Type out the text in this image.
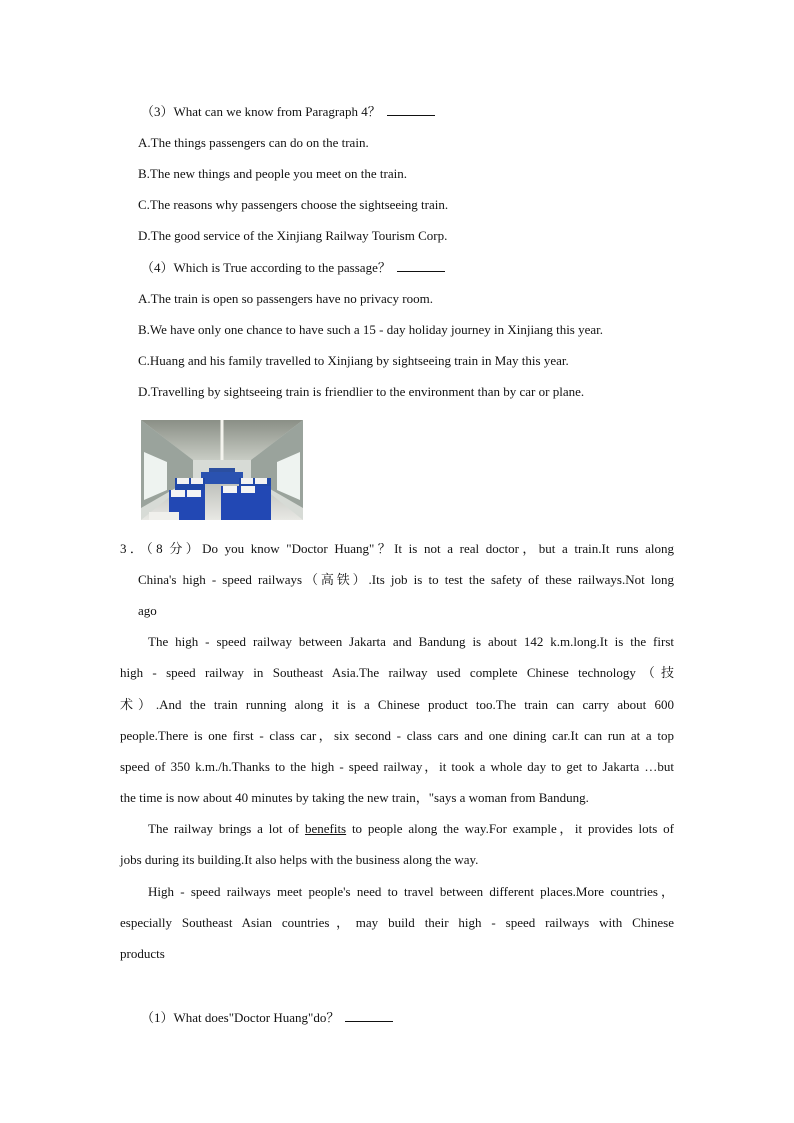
（3）What can we know from Paragraph 4？
A.The things passengers can do on the train.
B.The new things and people you meet on the train.
C.The reasons why passengers choose the sightseeing train.
D.The good service of the Xinjiang Railway Tourism Corp.
（4）Which is True according to the passage？
A.The train is open so passengers have no privacy room.
B.We have only one chance to have such a 15 - day holiday journey in Xinjiang this year.
C.Huang and his family travelled to Xinjiang by sightseeing train in May this year.
D.Travelling by sightseeing train is friendlier to the environment than by car or plane.
3．（8 分）Do you know "Doctor Huang"？It is not a real doctor，but a train.It runs along
China's high - speed railways（高铁）.Its job is to test the safety of these railways.Not long
ago
The high - speed railway between Jakarta and Bandung is about 142 k.m.long.It is the first
high - speed railway in Southeast Asia.The railway used complete Chinese technology（技
术）.And the train running along it is a Chinese product too.The train can carry about 600
people.There is one first - class car，six second - class cars and one dining car.It can run at a top
speed of 350 k.m./h.Thanks to the high - speed railway，it took a whole day to get to Jakarta …but
the time is now about 40 minutes by taking the new train，"says a woman from Bandung.
The railway brings a lot of benefits to people along the way.For example，it provides lots of
jobs during its building.It also helps with the business along the way.
High - speed railways meet people's need to travel between different places.More countries，
especially Southeast Asian countries，may build their high - speed railways with Chinese
products
（1）What does"Doctor Huang"do？
